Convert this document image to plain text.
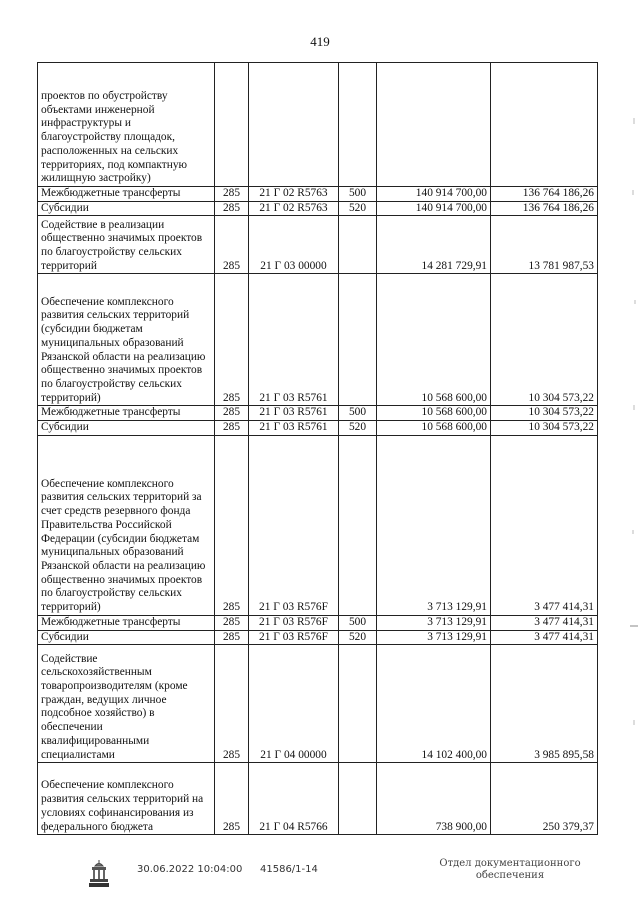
419
проектов по обустройству объектами инженерной инфраструктуры и благоустройству площадок, расположенных на сельских территориях, под компактную жилищную застройку)					
Межбюджетные трансферты	285	21 Г 02 R5763	500	140 914 700,00	136 764 186,26
Субсидии	285	21 Г 02 R5763	520	140 914 700,00	136 764 186,26
Содействие в реализации общественно значимых проектов по благоустройству сельских территорий	285	21 Г 03 00000		14 281 729,91	13 781 987,53
Обеспечение комплексного развития сельских территорий (субсидии бюджетам муниципальных образований Рязанской области на реализацию общественно значимых проектов по благоустройству сельских территорий)	285	21 Г 03 R5761		10 568 600,00	10 304 573,22
Межбюджетные трансферты	285	21 Г 03 R5761	500	10 568 600,00	10 304 573,22
Субсидии	285	21 Г 03 R5761	520	10 568 600,00	10 304 573,22
Обеспечение комплексного развития сельских территорий за счет средств резервного фонда Правительства Российской Федерации (субсидии бюджетам муниципальных образований Рязанской области на реализацию общественно значимых проектов по благоустройству сельских территорий)	285	21 Г 03 R576F		3 713 129,91	3 477 414,31
Межбюджетные трансферты	285	21 Г 03 R576F	500	3 713 129,91	3 477 414,31
Субсидии	285	21 Г 03 R576F	520	3 713 129,91	3 477 414,31
Содействие сельскохозяйственным товаропроизводителям (кроме граждан, ведущих личное подсобное хозяйство) в обеспечении квалифицированными специалистами	285	21 Г 04 00000		14 102 400,00	3 985 895,58
Обеспечение комплексного развития сельских территорий на условиях софинансирования из федерального бюджета	285	21 Г 04 R5766		738 900,00	250 379,37
30.06.2022 10:04:00 41586/1-14
Отдел документационного обеспечения
